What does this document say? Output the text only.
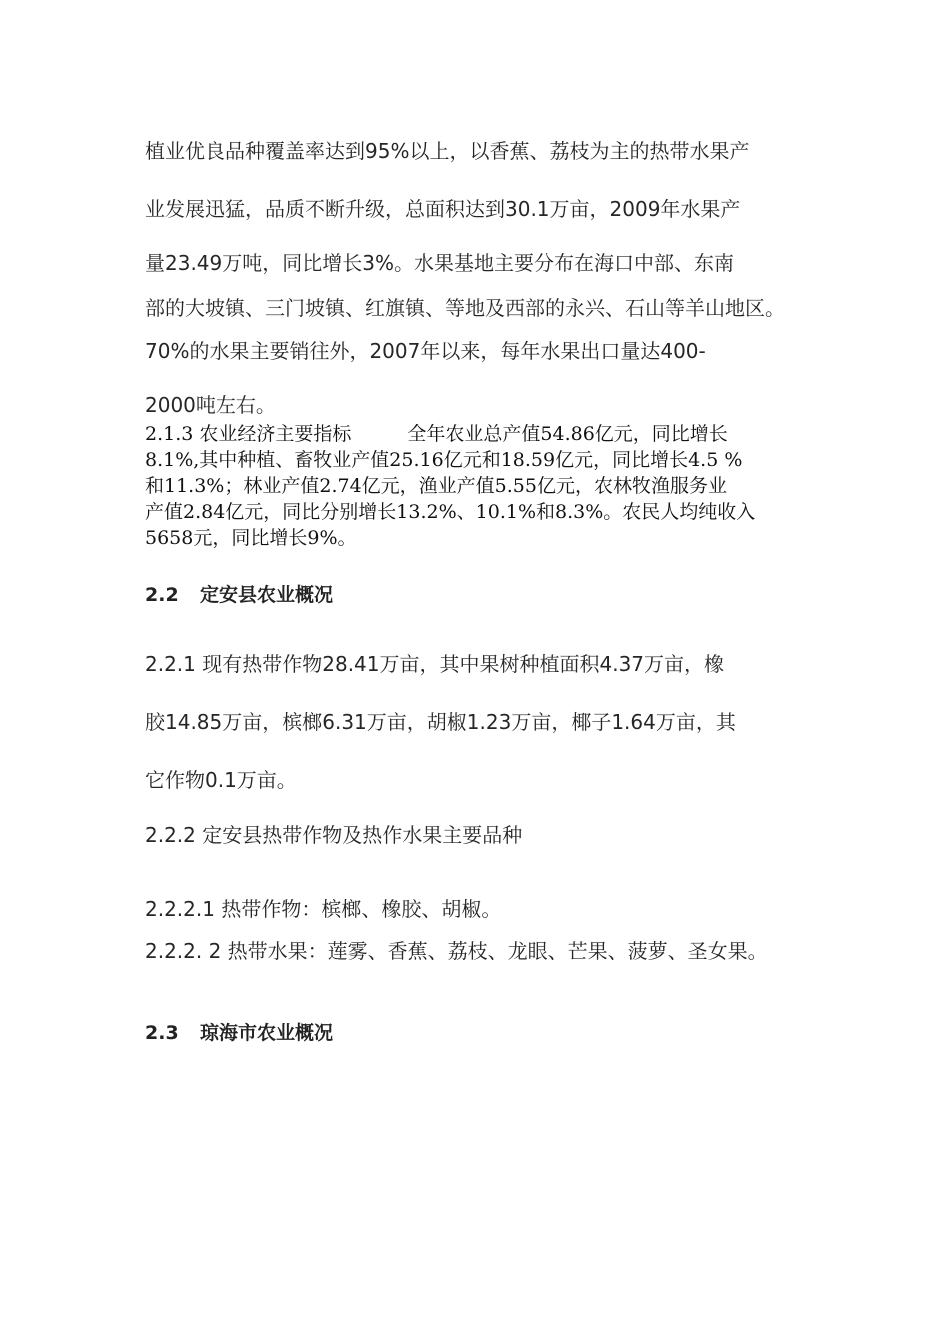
植业优良品种覆盖率达到95%以上，以香蕉、荔枝为主的热带水果产
业发展迅猛，品质不断升级，总面积达到30.1万亩，2009年水果产
量23.49万吨，同比增长3%。水果基地主要分布在海口中部、东南
部的大坡镇、三门坡镇、红旗镇、等地及西部的永兴、石山等羊山地区。
70%的水果主要销往外，2007年以来，每年水果出口量达400-
2000吨左右。
2.1.3 农业经济主要指标	全年农业总产值54.86亿元，同比增长
8.1%,其中种植、畜牧业产值25.16亿元和18.59亿元，同比增长4.5 %
和11.3%；林业产值2.74亿元，渔业产值5.55亿元，农林牧渔服务业
产值2.84亿元，同比分别增长13.2%、10.1%和8.3%。农民人均纯收入
5658元，同比增长9%。
2.2 定安县农业概况
2.2.1 现有热带作物28.41万亩，其中果树种植面积4.37万亩，橡
胶14.85万亩，槟榔6.31万亩，胡椒1.23万亩，椰子1.64万亩，其
它作物0.1万亩。
2.2.2 定安县热带作物及热作水果主要品种
2.2.2.1 热带作物：槟榔、橡胶、胡椒。
2.2.2. 2 热带水果：莲雾、香蕉、荔枝、龙眼、芒果、菠萝、圣女果。
2.3 琼海市农业概况
